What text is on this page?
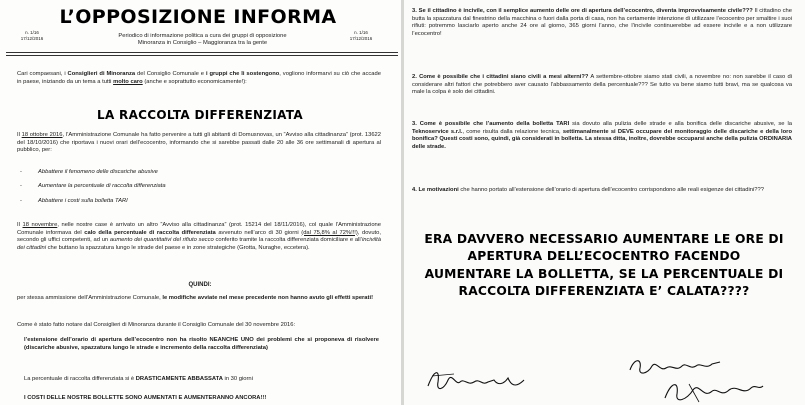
n. 1/16
17/12/2016
n. 1/16
17/12/2016
L’OPPOSIZIONE INFORMA
Periodico di informazione politica a cura dei gruppi di opposizione
Minoranza in Consiglio – Maggioranza tra la gente
Cari compaesani, i Consiglieri di Minoranza del Consiglio Comunale e i gruppi che li sostengono, vogliono informarvi su ciò che accade in paese, iniziando da un tema a tutti molto caro (anche e soprattutto economicamente!):
LA RACCOLTA DIFFERENZIATA
Il 18 ottobre 2016, l’Amministrazione Comunale ha fatto pervenire a tutti gli abitanti di Domusnovas, un “Avviso alla cittadinanza” (prot. 13622 del 18/10/2016) che riportava i nuovi orari dell’ecocentro, informando che si sarebbe passati dalle 20 alle 36 ore settimanali di apertura al pubblico, per:
-	Abbattere il fenomeno delle discariche abusive
-	Aumentare la percentuale di raccolta differenziata
-	Abbattere i costi sulla bolletta TARI
Il 18 novembre, nelle nostre case è arrivato un altro “Avviso alla cittadinanza” (prot. 15214 del 18/11/2016), col quale l’Amministrazione Comunale informava del calo della percentuale di raccolta differenziata avvenuto nell’arco di 30 giorni (dal 75,8% al 72%!!!), dovuto, secondo gli uffici competenti, ad un aumento dei quantitativi del rifiuto secco conferito tramite la raccolta differenziata domiciliare e all’inciviltà dei cittadini che buttano la spazzatura lungo le strade del paese e in zone strategiche (Grotta, Nuraghe, eccetera).
QUINDI:
per stessa ammissione dell’Amministrazione Comunale, le modifiche avviate nel mese precedente non hanno avuto gli effetti sperati!
Come è stato fatto notare dal Consiglieri di Minoranza durante il Consiglio Comunale del 30 novembre 2016:
l’estensione dell’orario di apertura dell’ecocentro non ha risolto NEANCHE UNO dei problemi che si proponeva di risolvere (discariche abusive, spazzatura lungo le strade e incremento della raccolta differenziata)
La percentuale di raccolta differenziata si è DRASTICAMENTE ABBASSATA in 30 giorni
I COSTI DELLE NOSTRE BOLLETTE SONO AUMENTATI E AUMENTERANNO ANCORA!!!
3. Se il cittadino è incivile, con il semplice aumento delle ore di apertura dell’ecocentro, diventa improvvisamente civile??? Il cittadino che butta la spazzatura dal finestrino della macchina o fuori dalla porta di casa, non ha certamente intenzione di utilizzare l’ecocentro per smaltire i suoi rifiuti: potremmo lasciarlo aperto anche 24 ore al giorno, 365 giorni l’anno, che l’incivile continuerebbe ad essere incivile e a non utilizzare l’ecocentro!
2. Come è possibile che i cittadini siano civili a mesi alterni?? A settembre-ottobre siamo stati civili, a novembre no: non sarebbe il caso di considerare altri fattori che potrebbero aver causato l’abbassamento della percentuale??? Se tutto va bene siamo tutti bravi, ma se qualcosa va male la colpa è solo dei cittadini.
3. Come è possibile che l’aumento della bolletta TARI sia dovuto alla pulizia delle strade e alla bonifica delle discariche abusive, se la Teknoservice s.r.l., come risulta dalla relazione tecnica, settimanalmente si DEVE occupare del monitoraggio delle discariche e della loro bonifica? Questi costi sono, quindi, già considerati in bolletta. La stessa ditta, inoltre, dovrebbe occuparsi anche della pulizia ORDINARIA delle strade.
4. Le motivazioni che hanno portato all’estensione dell’orario di apertura dell’ecocentro corrispondono alle reali esigenze dei cittadini???
ERA DAVVERO NECESSARIO AUMENTARE LE ORE DI APERTURA DELL’ECOCENTRO FACENDO AUMENTARE LA BOLLETTA, SE LA PERCENTUALE DI RACCOLTA DIFFERENZIATA E’ CALATA????
